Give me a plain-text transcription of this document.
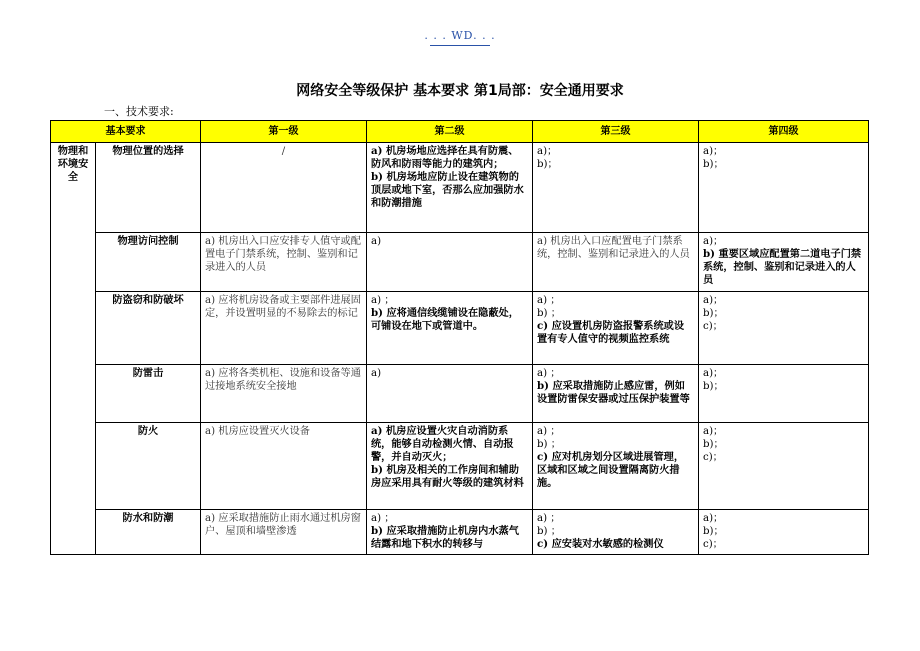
. . . WD. . .
网络安全等级保护 基本要求 第1局部：安全通用要求
一、技术要求:
基本要求		第一级	第二级	第三级	第四级
物理和环境安全	物理位置的选择	/	a) 机房场地应选择在具有防震、防风和防雨等能力的建筑内；
b) 机房场地应防止设在建筑物的顶层或地下室，否那么应加强防水和防潮措施	a)；
b)；	a)；
b)；

	物理访问控制	a) 机房出入口应安排专人值守或配置电子门禁系统，控制、鉴别和记录进入的人员	a)	a) 机房出入口应配置电子门禁系统，控制、鉴别和记录进入的人员	a)；
b) 重要区域应配置第二道电子门禁系统，控制、鉴别和记录进入的人员

	防盗窃和防破坏	a) 应将机房设备或主要部件进展固定，并设置明显的不易除去的标记	a) ；
b) 应将通信线缆铺设在隐蔽处，可铺设在地下或管道中。	a) ；
b) ；
c) 应设置机房防盗报警系统或设置有专人值守的视频监控系统	a)；
b)；
c)；

	防雷击	a) 应将各类机柜、设施和设备等通过接地系统安全接地	a)	a) ；
b) 应采取措施防止感应雷，例如设置防雷保安器或过压保护装置等	a)；
b)；

	防火	a) 机房应设置灭火设备	a) 机房应设置火灾自动消防系统，能够自动检测火情、自动报警，并自动灭火；
b) 机房及相关的工作房间和辅助房应采用具有耐火等级的建筑材料	a) ；
b) ；
c) 应对机房划分区域进展管理，区域和区域之间设置隔离防火措施。	a)；
b)；
c)；

	防水和防潮	a) 应采取措施防止雨水通过机房窗户、屋顶和墙壁渗透	a) ；
b) 应采取措施防止机房内水蒸气结露和地下积水的转移与	a) ；
b) ；
c) 应安装对水敏感的检测仪	a)；
b)；
c)；
